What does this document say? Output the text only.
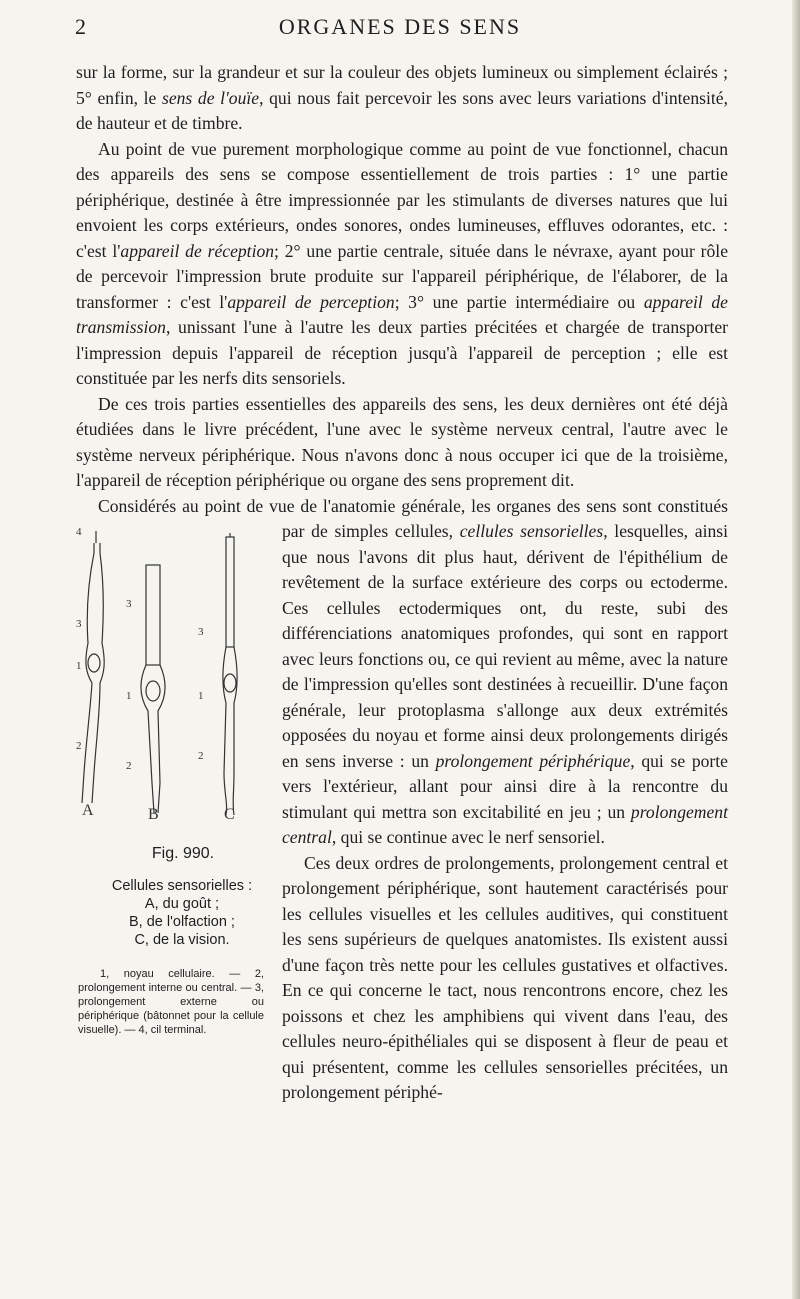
2	ORGANES DES SENS

sur la forme, sur la grandeur et sur la couleur des objets lumineux ou simplement éclairés ; 5° enfin, le sens de l'ouïe, qui nous fait percevoir les sons avec leurs variations d'intensité, de hauteur et de timbre.

Au point de vue purement morphologique comme au point de vue fonctionnel, chacun des appareils des sens se compose essentiellement de trois parties : 1° une partie périphérique, destinée à être impressionnée par les stimulants de diverses natures que lui envoient les corps extérieurs, ondes sonores, ondes lumineuses, effluves odorantes, etc. : c'est l'appareil de réception; 2° une partie centrale, située dans le névraxe, ayant pour rôle de percevoir l'impression brute produite sur l'appareil périphérique, de l'élaborer, de la transformer : c'est l'appareil de perception; 3° une partie intermédiaire ou appareil de transmission, unissant l'une à l'autre les deux parties précitées et chargée de transporter l'impression depuis l'appareil de réception jusqu'à l'appareil de perception ; elle est constituée par les nerfs dits sensoriels.

De ces trois parties essentielles des appareils des sens, les deux dernières ont été déjà étudiées dans le livre précédent, l'une avec le système nerveux central, l'autre avec le système nerveux périphérique. Nous n'avons donc à nous occuper ici que de la troisième, l'appareil de réception périphérique ou organe des sens proprement dit.

Considérés au point de vue de l'anatomie générale, les organes des sens sont constitués par de simples cellules, cellules sensorielles, lesquelles, ainsi
4
3
1
2
3
1
2
3
1
2
A	B	C
Fig. 990.
Cellules sensorielles :
A, du goût ;
B, de l'olfaction ;
C, de la vision.
1, noyau cellulaire. — 2, prolongement interne ou central. — 3, prolongement externe ou périphérique (bâtonnet pour la cellule visuelle). — 4, cil terminal.
que nous l'avons dit plus haut, dérivent de l'épithélium de revêtement de la surface extérieure des corps ou ectoderme. Ces cellules ectodermiques ont, du reste, subi des différenciations anatomiques profondes, qui sont en rapport avec leurs fonctions ou, ce qui revient au même, avec la nature de l'impression qu'elles sont destinées à recueillir. D'une façon générale, leur protoplasma s'allonge aux deux extrémités opposées du noyau et forme ainsi deux prolongements dirigés en sens inverse : un prolongement périphérique, qui se porte vers l'extérieur, allant pour ainsi dire à la rencontre du stimulant qui mettra son excitabilité en jeu ; un prolongement central, qui se continue avec le nerf sensoriel.

Ces deux ordres de prolongements, prolongement central et prolongement périphérique, sont hautement caractérisés pour les cellules visuelles et les cellules auditives, qui constituent les sens supérieurs de quelques anatomistes. Ils existent aussi d'une façon très nette pour les cellules gustatives et olfactives. En ce qui concerne le tact, nous rencontrons encore, chez les poissons et chez les amphibiens qui vivent dans l'eau, des cellules neuro-épithéliales qui se disposent à fleur de peau et qui présentent, comme les cellules sensorielles précitées, un prolongement périphé-
